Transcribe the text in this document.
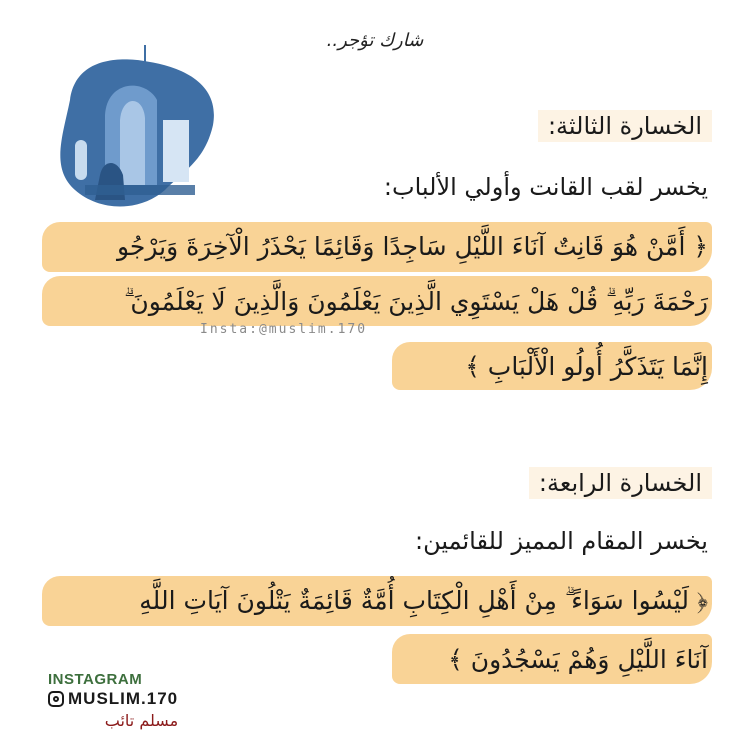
شارك تؤجر..
الخسارة الثالثة:
يخسر لقب القانت وأولي الألباب:
﴿ أَمَّنْ هُوَ قَانِتٌ آنَاءَ اللَّيْلِ سَاجِدًا وَقَائِمًا يَحْذَرُ الْآخِرَةَ وَيَرْجُو
رَحْمَةَ رَبِّهِ ۗ قُلْ هَلْ يَسْتَوِي الَّذِينَ يَعْلَمُونَ وَالَّذِينَ لَا يَعْلَمُونَ ۗ
إِنَّمَا يَتَذَكَّرُ أُولُو الْأَلْبَابِ ﴾
Insta:@muslim.170
الخسارة الرابعة:
يخسر المقام المميز للقائمين:
﴿ لَيْسُوا سَوَاءً ۗ مِنْ أَهْلِ الْكِتَابِ أُمَّةٌ قَائِمَةٌ يَتْلُونَ آيَاتِ اللَّهِ
آنَاءَ اللَّيْلِ وَهُمْ يَسْجُدُونَ ﴾
INSTAGRAM
MUSLIM.170
مسلم تائب
